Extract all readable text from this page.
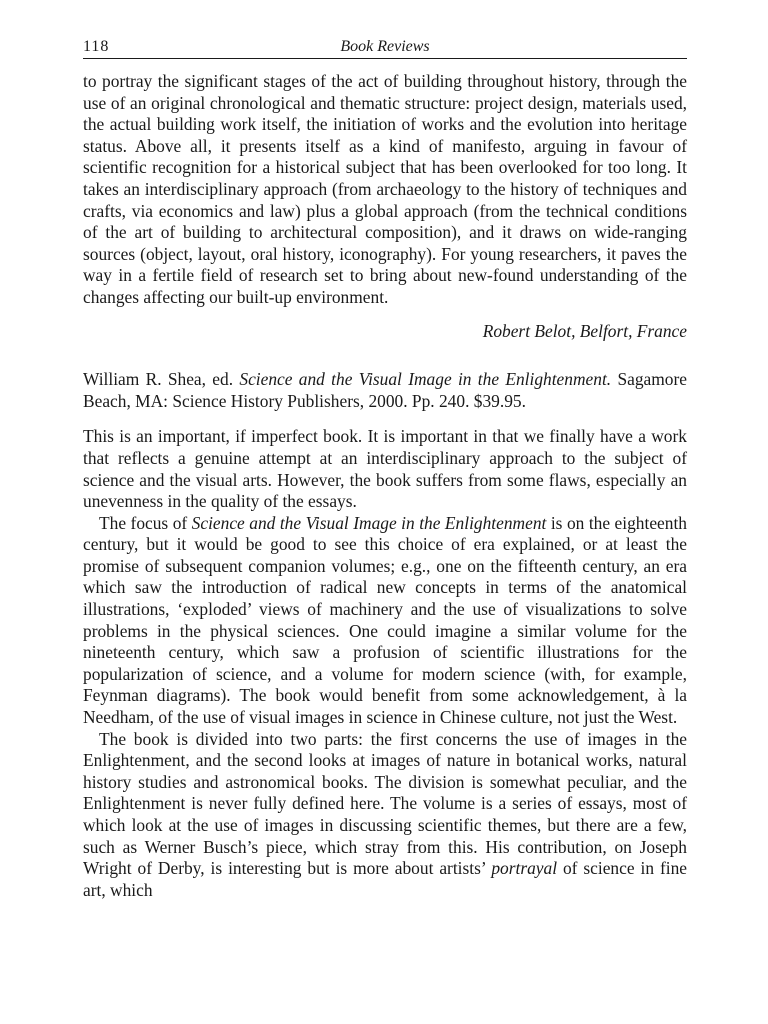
118	Book Reviews

to portray the significant stages of the act of building throughout history, through the use of an original chronological and thematic structure: project design, materials used, the actual building work itself, the initiation of works and the evolution into heritage status. Above all, it presents itself as a kind of manifesto, arguing in favour of scientific recognition for a historical subject that has been overlooked for too long. It takes an interdisciplinary approach (from archaeology to the history of techniques and crafts, via economics and law) plus a global approach (from the technical conditions of the art of building to architectural composition), and it draws on wide-ranging sources (object, layout, oral history, iconography). For young researchers, it paves the way in a fertile field of research set to bring about new-found understanding of the changes affecting our built-up environment.

Robert Belot, Belfort, France
William R. Shea, ed. Science and the Visual Image in the Enlightenment. Sagamore Beach, MA: Science History Publishers, 2000. Pp. 240. $39.95.

This is an important, if imperfect book. It is important in that we finally have a work that reflects a genuine attempt at an interdisciplinary approach to the subject of science and the visual arts. However, the book suffers from some flaws, especially an unevenness in the quality of the essays.

The focus of Science and the Visual Image in the Enlightenment is on the eighteenth century, but it would be good to see this choice of era explained, or at least the promise of subsequent companion volumes; e.g., one on the fifteenth century, an era which saw the introduction of radical new concepts in terms of the anatomical illustrations, ‘exploded’ views of machinery and the use of visualizations to solve problems in the physical sciences. One could imagine a similar volume for the nineteenth century, which saw a profusion of scientific illustrations for the popularization of science, and a volume for modern science (with, for example, Feynman diagrams). The book would benefit from some acknowledgement, à la Needham, of the use of visual images in science in Chinese culture, not just the West.

The book is divided into two parts: the first concerns the use of images in the Enlightenment, and the second looks at images of nature in botanical works, natural history studies and astronomical books. The division is somewhat peculiar, and the Enlightenment is never fully defined here. The volume is a series of essays, most of which look at the use of images in discussing scientific themes, but there are a few, such as Werner Busch’s piece, which stray from this. His contribution, on Joseph Wright of Derby, is interesting but is more about artists’ portrayal of science in fine art, which
